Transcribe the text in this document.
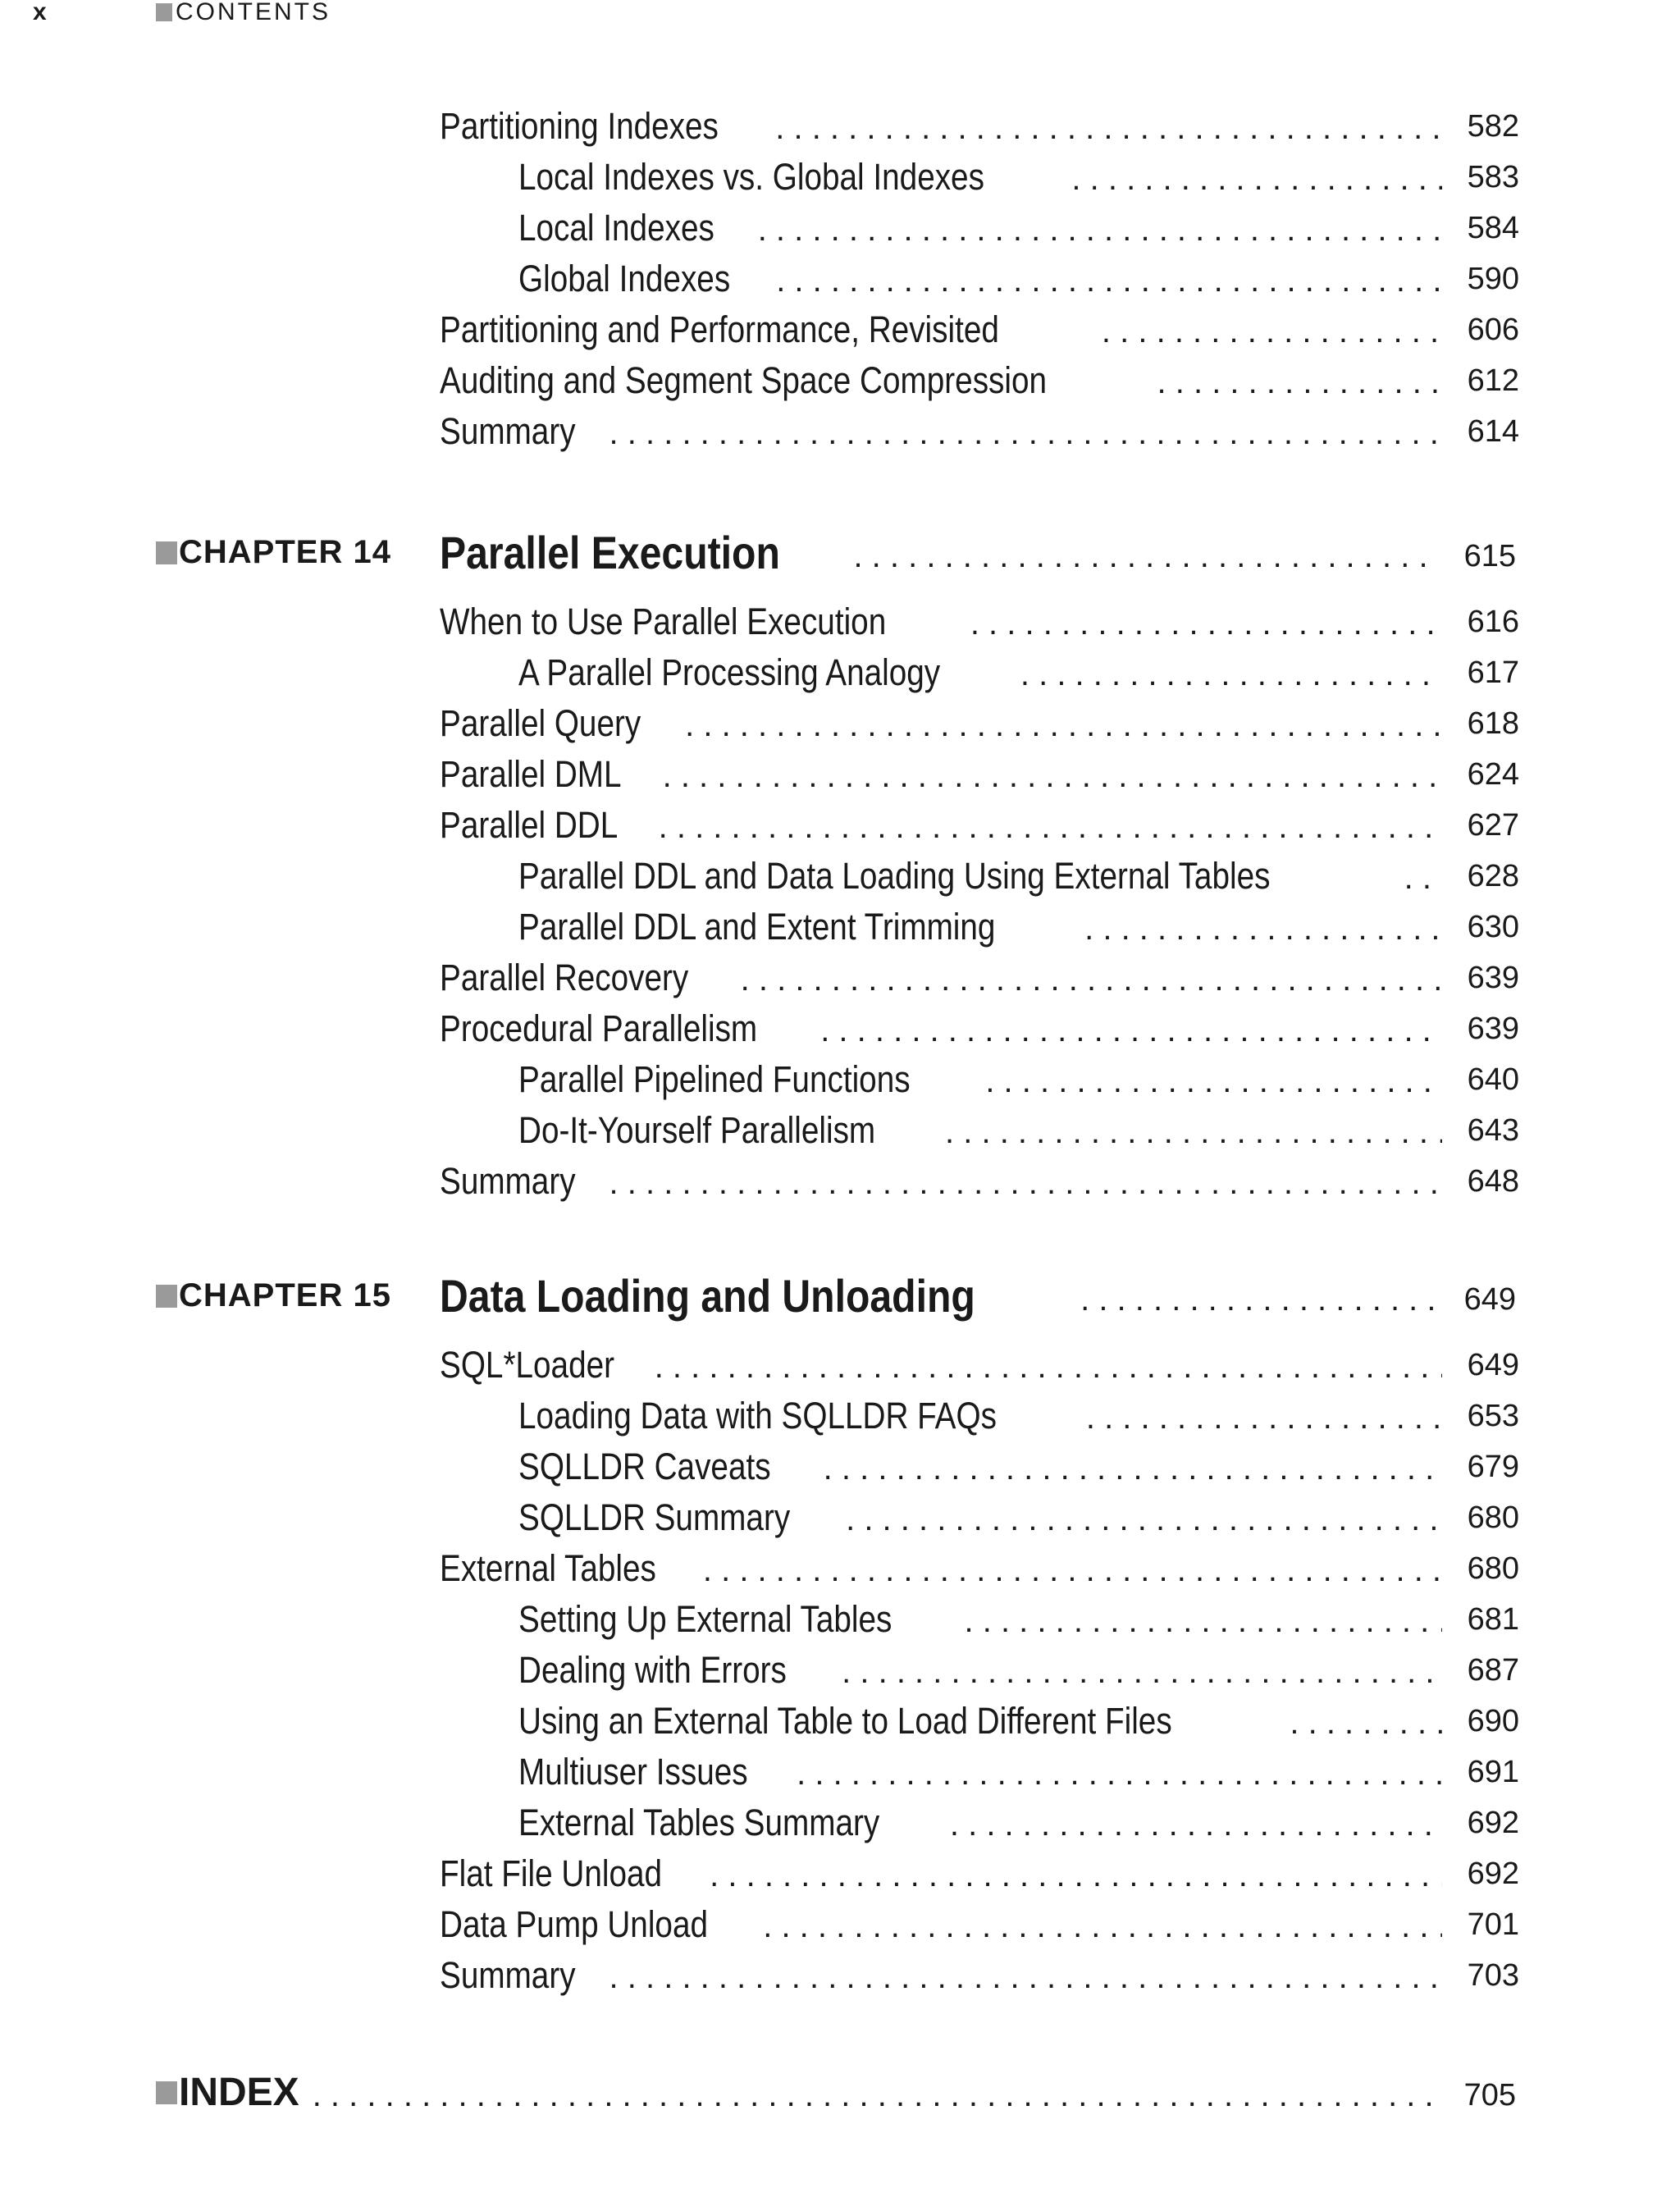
x	CONTENTS
Partitioning Indexes . . .	582
Local Indexes vs. Global Indexes . . .	583
Local Indexes . . .	584
Global Indexes . . .	590
Partitioning and Performance, Revisited . . .	606
Auditing and Segment Space Compression . . .	612
Summary . . .	614
CHAPTER 14 Parallel Execution . . .	615
When to Use Parallel Execution . . .	616
A Parallel Processing Analogy . . .	617
Parallel Query . . .	618
Parallel DML . . .	624
Parallel DDL . . .	627
Parallel DDL and Data Loading Using External Tables . . .	628
Parallel DDL and Extent Trimming . . .	630
Parallel Recovery . . .	639
Procedural Parallelism . . .	639
Parallel Pipelined Functions . . .	640
Do-It-Yourself Parallelism . . .	643
Summary . . .	648
CHAPTER 15 Data Loading and Unloading . . .	649
SQL*Loader . . .	649
Loading Data with SQLLDR FAQs . . .	653
SQLLDR Caveats . . .	679
SQLLDR Summary . . .	680
External Tables . . .	680
Setting Up External Tables . . .	681
Dealing with Errors . . .	687
Using an External Table to Load Different Files . . .	690
Multiuser Issues . . .	691
External Tables Summary . . .	692
Flat File Unload . . .	692
Data Pump Unload . . .	701
Summary . . .	703
INDEX . . .	705
